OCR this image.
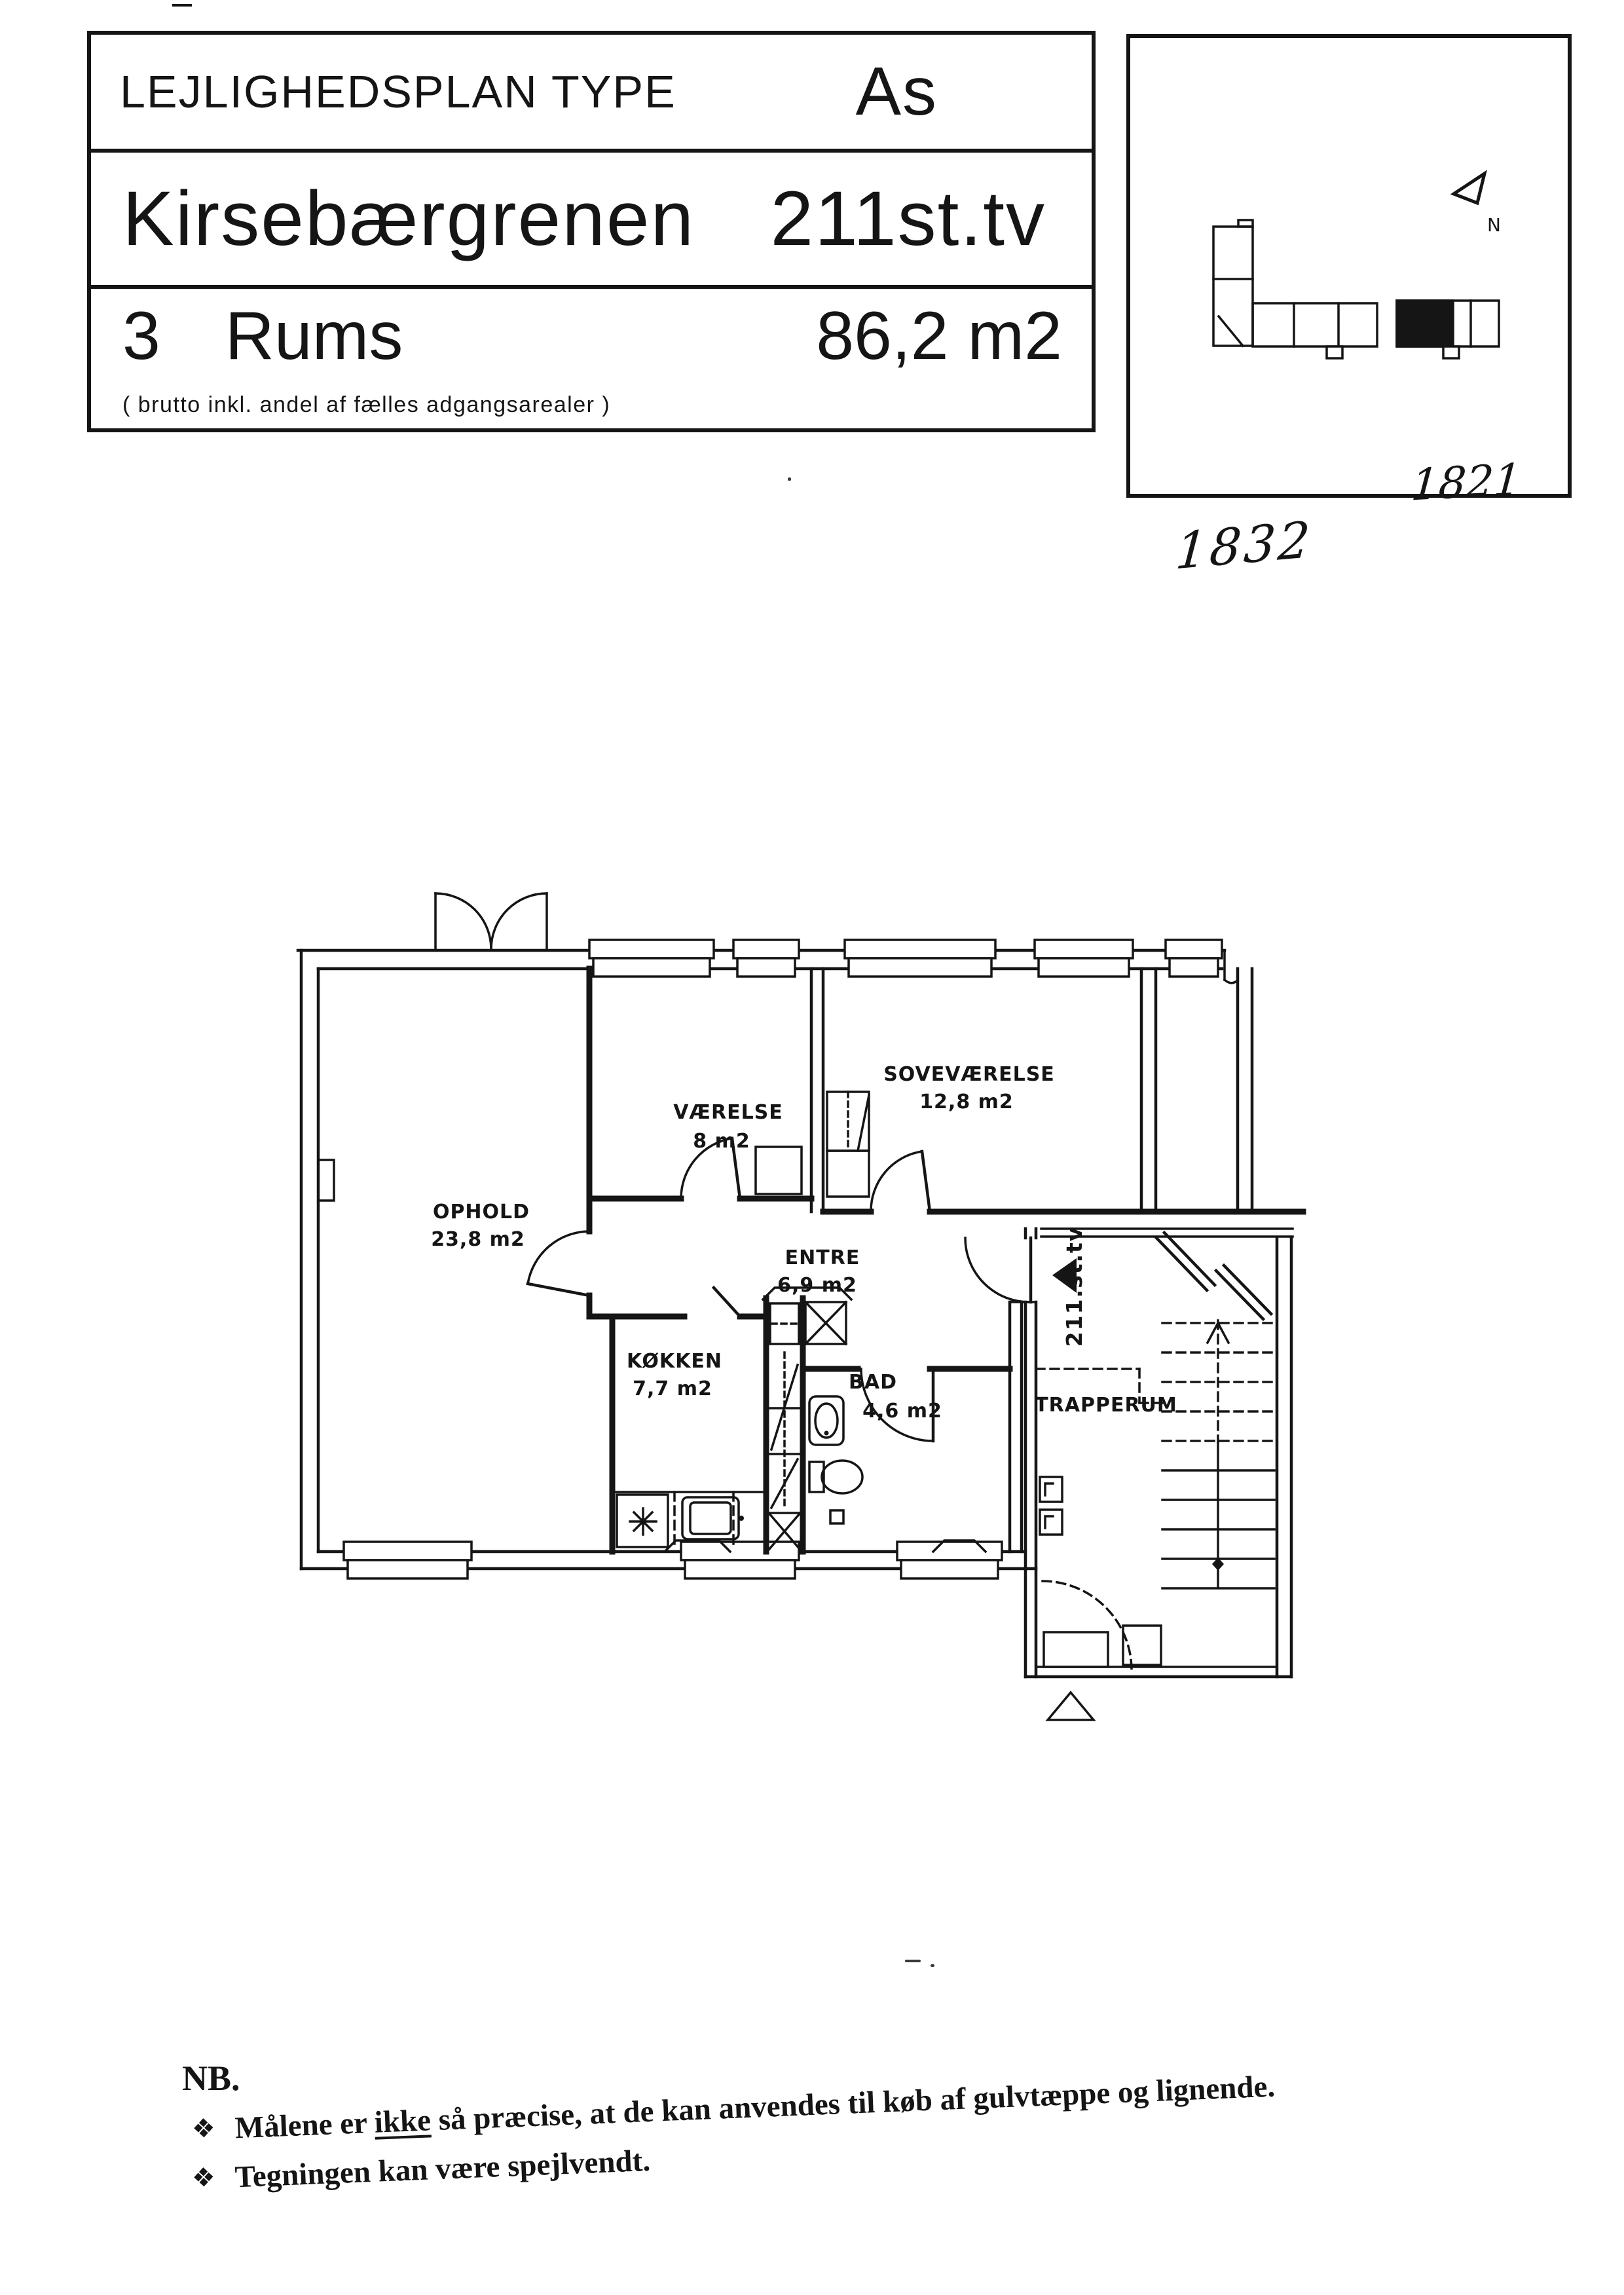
LEJLIGHEDSPLAN TYPE	As
Kirsebærgrenen 211st.tv
3 Rums	86,2 m2
( brutto inkl. andel af fælles adgangsarealer )
N
1821
1832
211.st.tv
OPHOLD
23,8 m2
VÆRELSE
8 m2
SOVEVÆRELSE
12,8 m2
ENTRE
6,9 m2
KØKKEN
7,7 m2	BAD
4,6 m2	TRAPPERUM
NB.
❖ Målene er ikke så præcise, at de kan anvendes til køb af gulvtæppe og lignende.
❖ Tegningen kan være spejlvendt.
